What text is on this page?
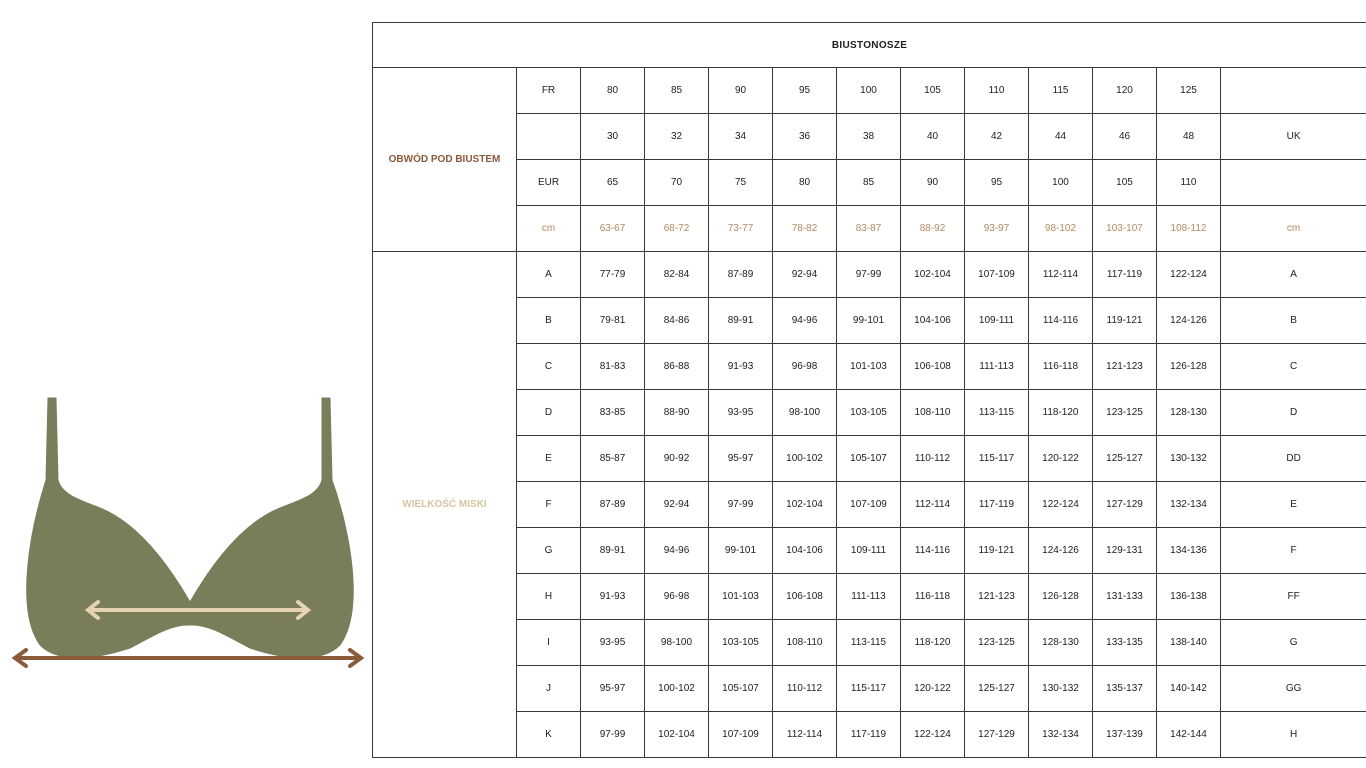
BIUSTONOSZE												
OBWÓD POD BIUSTEM	FR	80	85	90	95	100	105	110	115	120	125	
		30	32	34	36	38	40	42	44	46	48	UK
	EUR	65	70	75	80	85	90	95	100	105	110	
	cm	63-67	68-72	73-77	78-82	83-87	88-92	93-97	98-102	103-107	108-112	cm
WIELKOŚĆ MISKI	A	77-79	82-84	87-89	92-94	97-99	102-104	107-109	112-114	117-119	122-124	A
	B	79-81	84-86	89-91	94-96	99-101	104-106	109-111	114-116	119-121	124-126	B
	C	81-83	86-88	91-93	96-98	101-103	106-108	111-113	116-118	121-123	126-128	C
	D	83-85	88-90	93-95	98-100	103-105	108-110	113-115	118-120	123-125	128-130	D
	E	85-87	90-92	95-97	100-102	105-107	110-112	115-117	120-122	125-127	130-132	DD
	F	87-89	92-94	97-99	102-104	107-109	112-114	117-119	122-124	127-129	132-134	E
	G	89-91	94-96	99-101	104-106	109-111	114-116	119-121	124-126	129-131	134-136	F
	H	91-93	96-98	101-103	106-108	111-113	116-118	121-123	126-128	131-133	136-138	FF
	I	93-95	98-100	103-105	108-110	113-115	118-120	123-125	128-130	133-135	138-140	G
	J	95-97	100-102	105-107	110-112	115-117	120-122	125-127	130-132	135-137	140-142	GG
	K	97-99	102-104	107-109	112-114	117-119	122-124	127-129	132-134	137-139	142-144	H
